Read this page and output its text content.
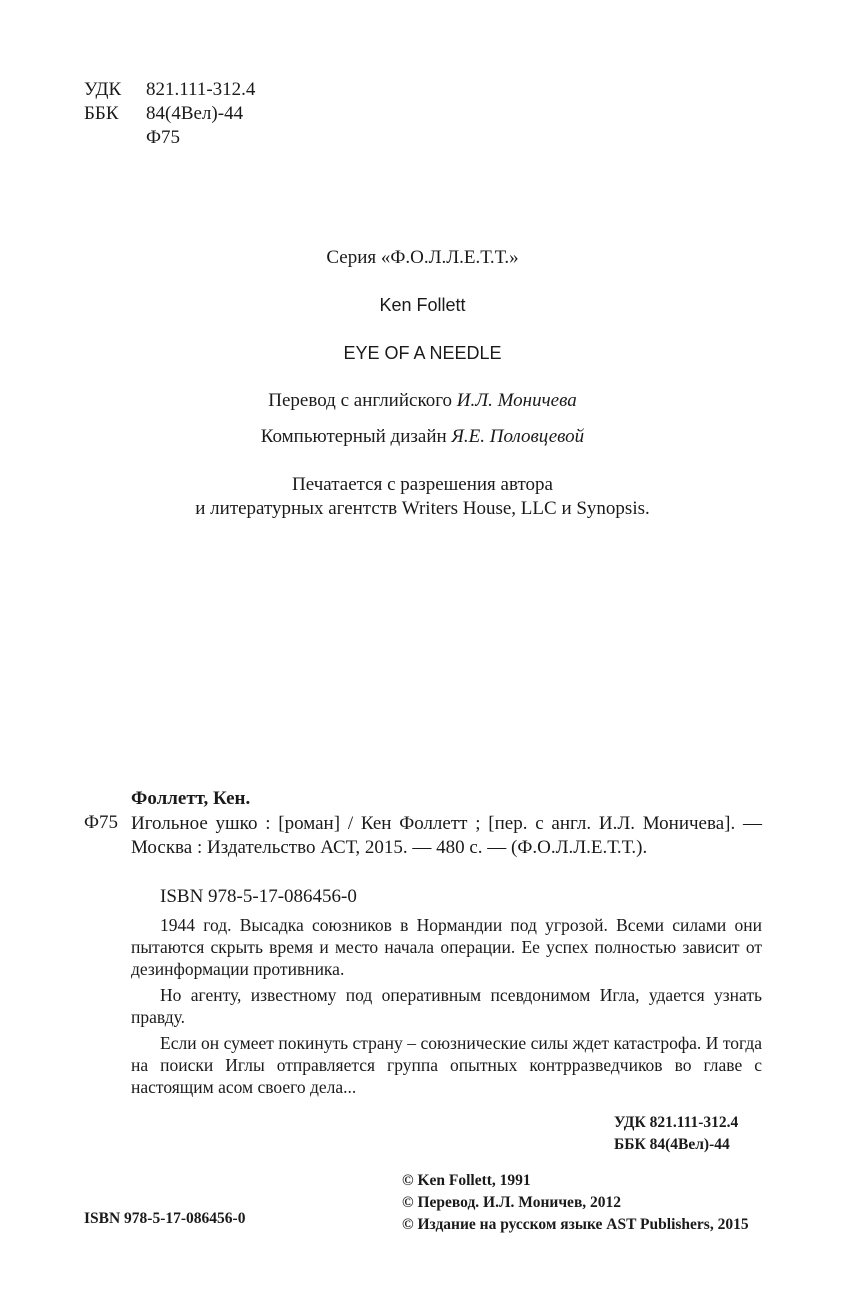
УДК	821.111-312.4
ББК	84(4Вел)-44
Ф75
Серия «Ф.О.Л.Л.Е.Т.Т.»
Ken Follett
EYE OF A NEEDLE
Перевод с английского И.Л. Моничева
Компьютерный дизайн Я.Е. Половцевой
Печатается с разрешения автора
и литературных агентств Writers House, LLC и Synopsis.
Фоллетт, Кен.
Ф75 Игольное ушко : [роман] / Кен Фоллетт ; [пер. с англ. И.Л. Моничева]. — Москва : Издательство АСТ, 2015. — 480 с. — (Ф.О.Л.Л.Е.Т.Т.).
ISBN 978-5-17-086456-0

1944 год. Высадка союзников в Нормандии под угрозой. Всеми силами они пытаются скрыть время и место начала операции. Ее успех полностью зависит от дезинформации противника.

Но агенту, известному под оперативным псевдонимом Игла, удается узнать правду.

Если он сумеет покинуть страну – союзнические силы ждет катастрофа. И тогда на поиски Иглы отправляется группа опытных контрразведчиков во главе с настоящим асом своего дела...

УДК 821.111-312.4
ББК 84(4Вел)-44
© Ken Follett, 1991
© Перевод. И.Л. Моничев, 2012
© Издание на русском языке AST Publishers, 2015
ISBN 978-5-17-086456-0
